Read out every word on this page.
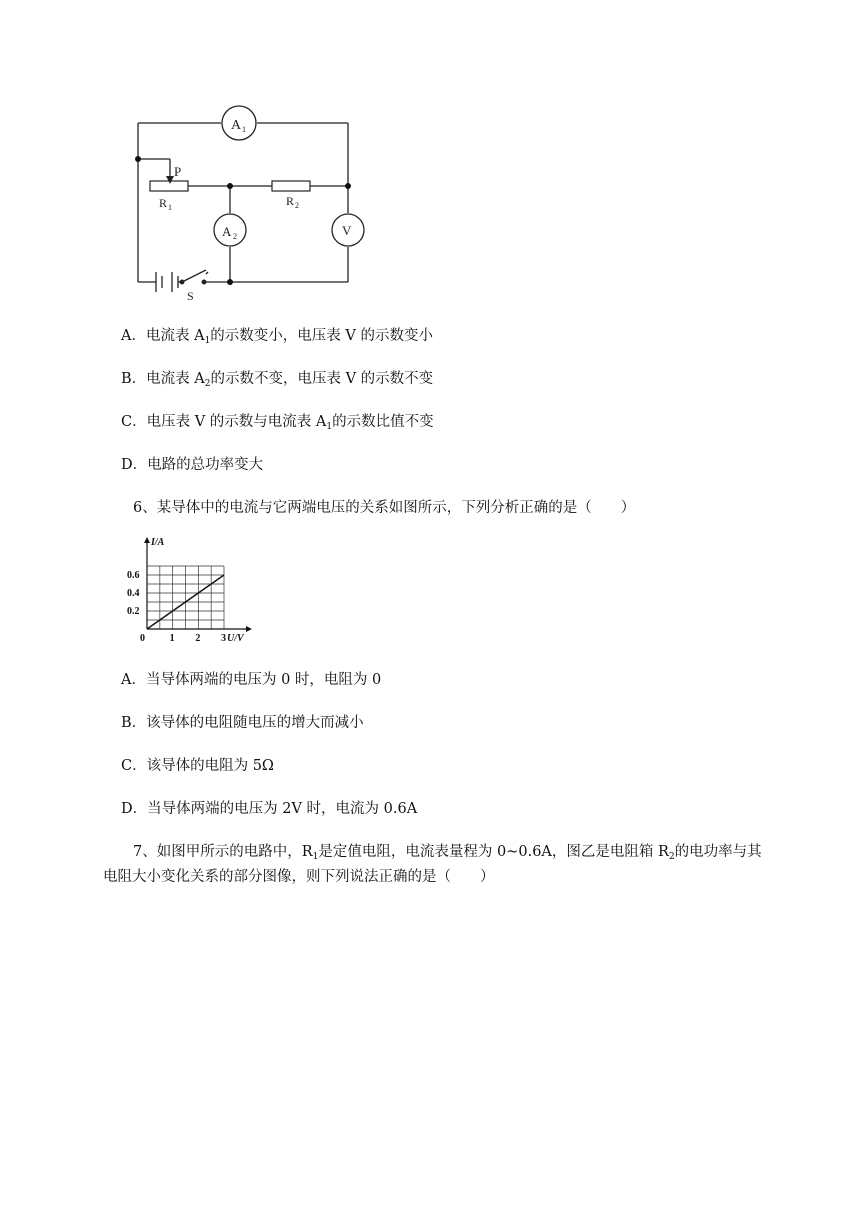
A 1
P
R 1	R 2
A 2	V
S
A．电流表 $A_1$的示数变小，电压表 V 的示数变小
B．电流表 $A_2$的示数不变，电压表 V 的示数不变
C．电压表 V 的示数与电流表 $A_1$的示数比值不变
D．电路的总功率变大
6、某导体中的电流与它两端电压的关系如图所示，下列分析正确的是（　　）
0 1 2 3
0.2
0.4
0.6
U/V
I/A
A．当导体两端的电压为 0 时，电阻为 0
B．该导体的电阻随电压的增大而减小
C．该导体的电阻为 5Ω
D．当导体两端的电压为 2V 时，电流为 0.6A
7、如图甲所示的电路中，$R_1$是定值电阻，电流表量程为 0~0.6A，图乙是电阻箱 $R_2$的电功率与其
电阻大小变化关系的部分图像，则下列说法正确的是（　　）
